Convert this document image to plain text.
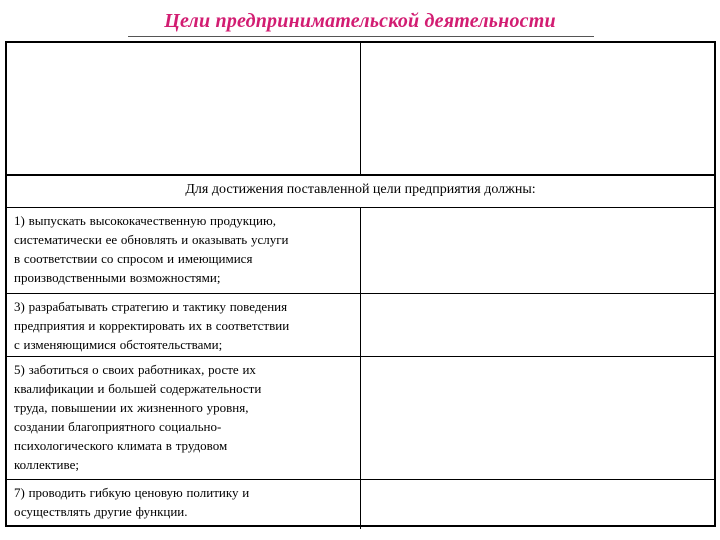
Цели предпринимательской деятельности
Для достижения поставленной цели предприятия должны:
1) выпускать высококачественную продукцию,
систематически ее обновлять и оказывать услуги
в соответствии со спросом и имеющимися
производственными возможностями;
3) разрабатывать стратегию и тактику поведения
предприятия и корректировать их в соответствии
с изменяющимися обстоятельствами;
5) заботиться о своих работниках, росте их
квалификации и большей содержательности
труда, повышении их жизненного уровня,
создании благоприятного социально-
психологического климата в трудовом
коллективе;
7) проводить гибкую ценовую политику и
осуществлять другие функции.
